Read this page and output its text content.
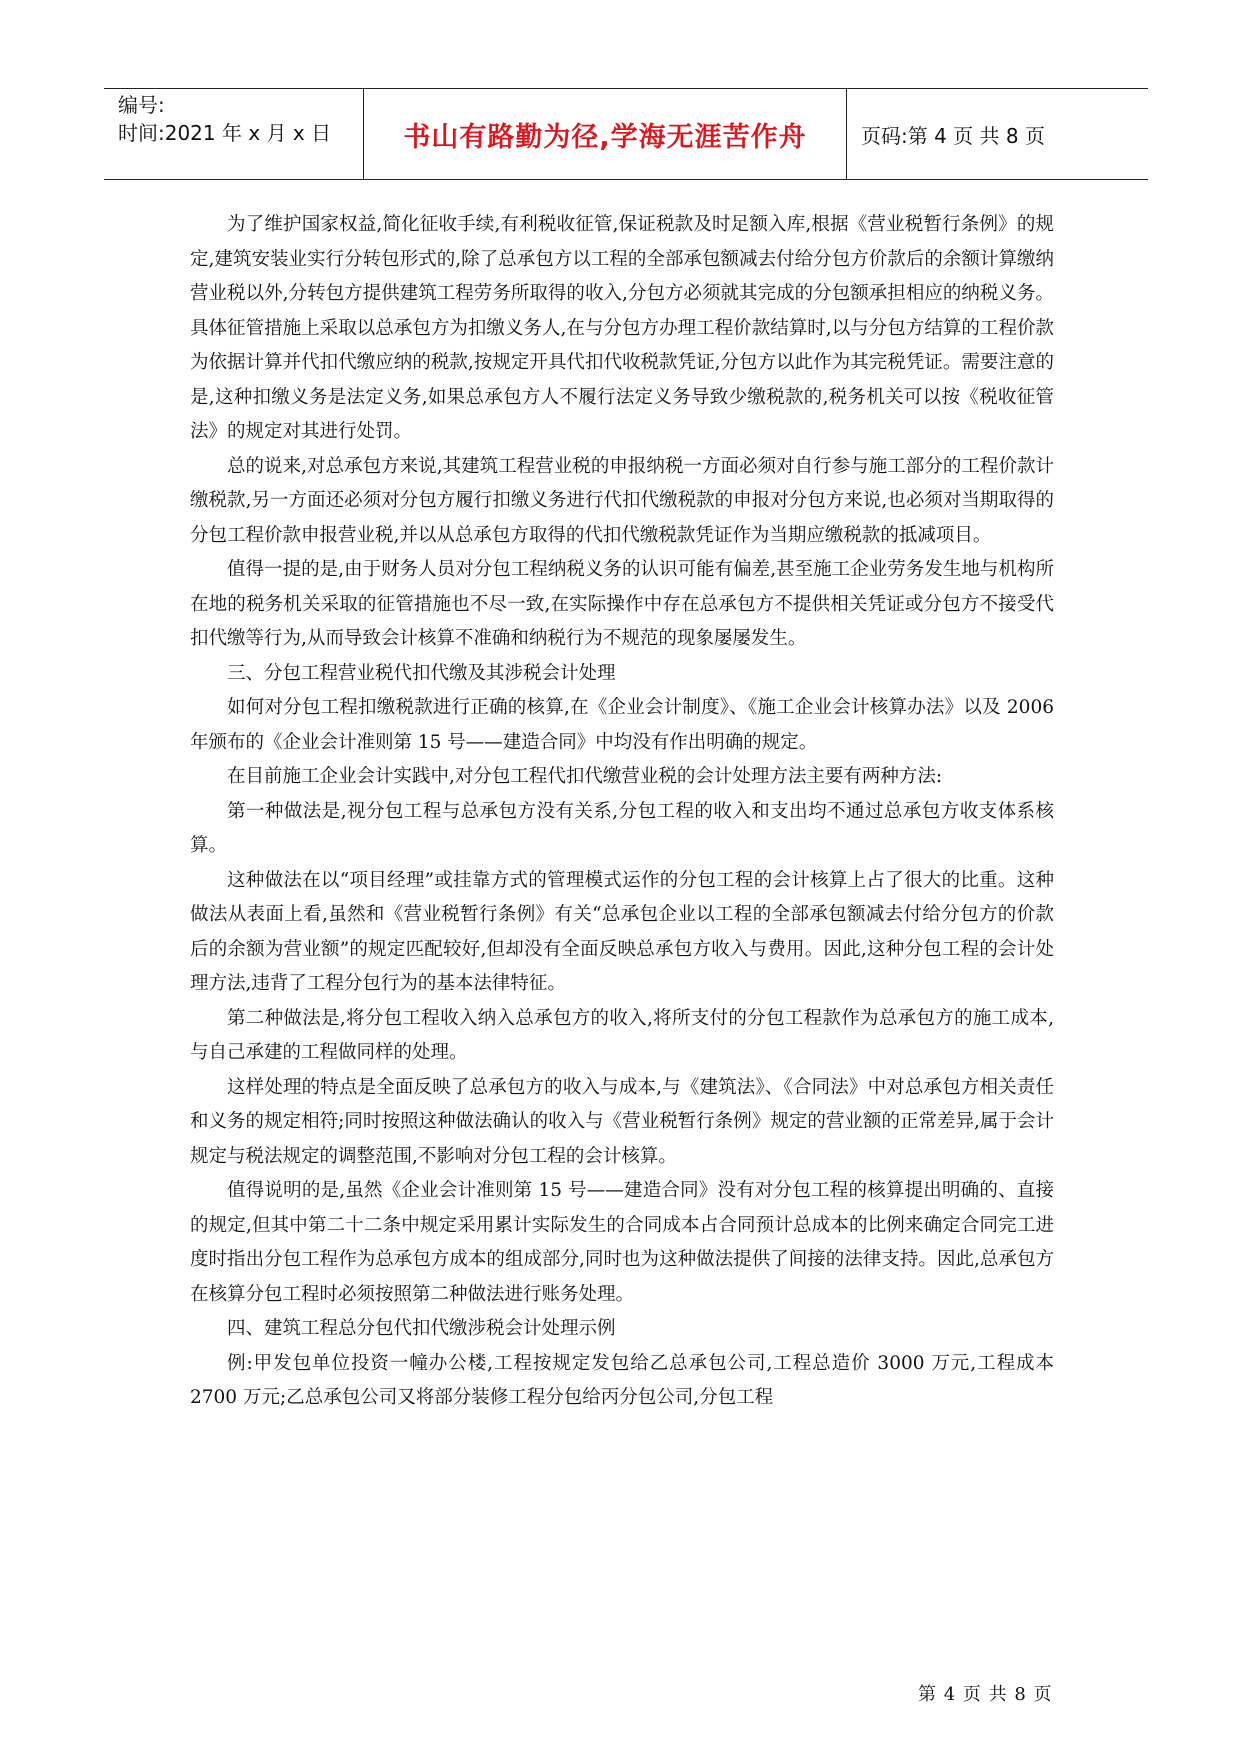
编号:
时间:2021 年 x 月 x 日	书山有路勤为径,学海无涯苦作舟	页码:第 4 页 共 8 页

为了维护国家权益,简化征收手续,有利税收征管,保证税款及时足额入库,根据《营业税暂行条例》的规定,建筑安装业实行分转包形式的,除了总承包方以工程的全部承包额减去付给分包方价款后的余额计算缴纳营业税以外,分转包方提供建筑工程劳务所取得的收入,分包方必须就其完成的分包额承担相应的纳税义务。具体征管措施上采取以总承包方为扣缴义务人,在与分包方办理工程价款结算时,以与分包方结算的工程价款为依据计算并代扣代缴应纳的税款,按规定开具代扣代收税款凭证,分包方以此作为其完税凭证。需要注意的是,这种扣缴义务是法定义务,如果总承包方人不履行法定义务导致少缴税款的,税务机关可以按《税收征管法》的规定对其进行处罚。

总的说来,对总承包方来说,其建筑工程营业税的申报纳税一方面必须对自行参与施工部分的工程价款计缴税款,另一方面还必须对分包方履行扣缴义务进行代扣代缴税款的申报对分包方来说,也必须对当期取得的分包工程价款申报营业税,并以从总承包方取得的代扣代缴税款凭证作为当期应缴税款的抵减项目。

值得一提的是,由于财务人员对分包工程纳税义务的认识可能有偏差,甚至施工企业劳务发生地与机构所在地的税务机关采取的征管措施也不尽一致,在实际操作中存在总承包方不提供相关凭证或分包方不接受代扣代缴等行为,从而导致会计核算不准确和纳税行为不规范的现象屡屡发生。

三、分包工程营业税代扣代缴及其涉税会计处理

如何对分包工程扣缴税款进行正确的核算,在《企业会计制度》、《施工企业会计核算办法》以及 2006 年颁布的《企业会计准则第 15 号——建造合同》中均没有作出明确的规定。

在目前施工企业会计实践中,对分包工程代扣代缴营业税的会计处理方法主要有两种方法:

第一种做法是,视分包工程与总承包方没有关系,分包工程的收入和支出均不通过总承包方收支体系核算。

这种做法在以“项目经理”或挂靠方式的管理模式运作的分包工程的会计核算上占了很大的比重。这种做法从表面上看,虽然和《营业税暂行条例》有关“总承包企业以工程的全部承包额减去付给分包方的价款后的余额为营业额”的规定匹配较好,但却没有全面反映总承包方收入与费用。因此,这种分包工程的会计处理方法,违背了工程分包行为的基本法律特征。

第二种做法是,将分包工程收入纳入总承包方的收入,将所支付的分包工程款作为总承包方的施工成本,与自己承建的工程做同样的处理。

这样处理的特点是全面反映了总承包方的收入与成本,与《建筑法》、《合同法》中对总承包方相关责任和义务的规定相符;同时按照这种做法确认的收入与《营业税暂行条例》规定的营业额的正常差异,属于会计规定与税法规定的调整范围,不影响对分包工程的会计核算。

值得说明的是,虽然《企业会计准则第 15 号——建造合同》没有对分包工程的核算提出明确的、直接的规定,但其中第二十二条中规定采用累计实际发生的合同成本占合同预计总成本的比例来确定合同完工进度时指出分包工程作为总承包方成本的组成部分,同时也为这种做法提供了间接的法律支持。因此,总承包方在核算分包工程时必须按照第二种做法进行账务处理。

四、建筑工程总分包代扣代缴涉税会计处理示例

例:甲发包单位投资一幢办公楼,工程按规定发包给乙总承包公司,工程总造价 3000 万元,工程成本 2700 万元;乙总承包公司又将部分装修工程分包给丙分包公司,分包工程

第 4 页 共 8 页
